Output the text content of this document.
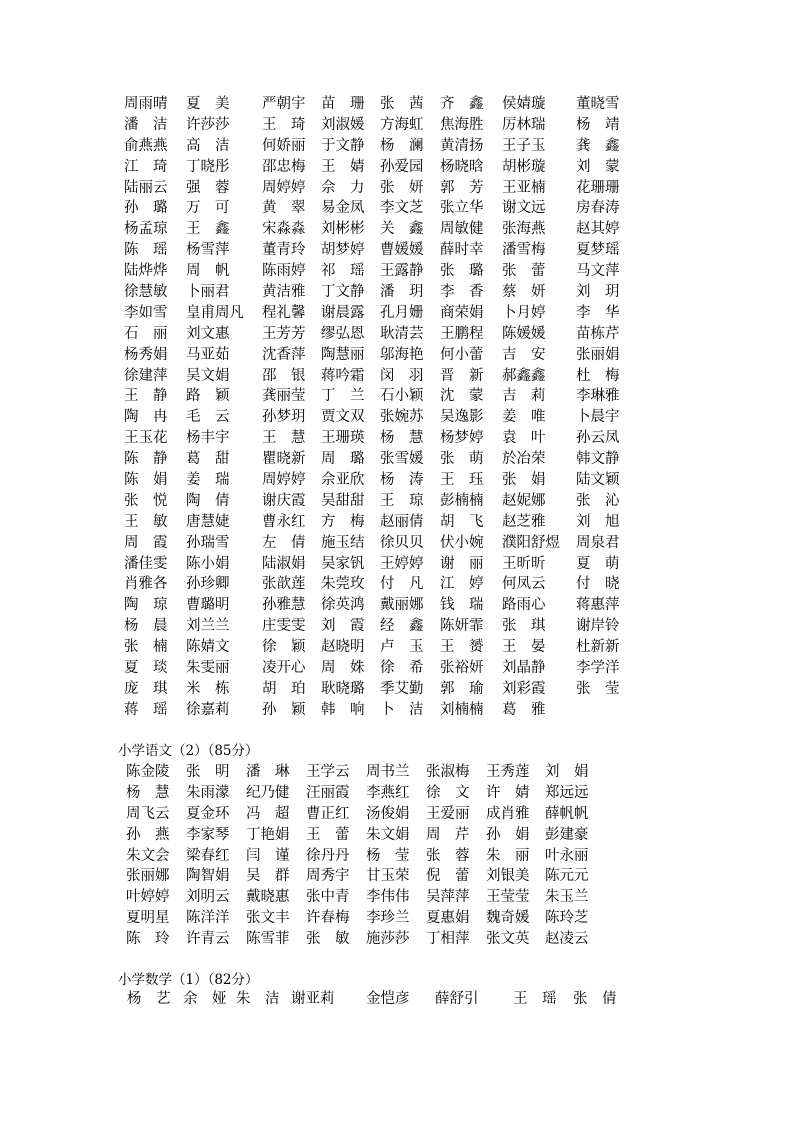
周雨晴	夏　美	严朝宇	苗　珊	张　茜	齐　鑫	侯婧璇	董晓雪
潘　洁	许莎莎	王　琦	刘淑媛	方海虹	焦海胜	厉林瑞	杨　靖
俞燕燕	高　洁	何娇丽	于文静	杨　澜	黄清扬	王子玉	龚　鑫
江　琦	丁晓彤	邵忠梅	王　婧	孙爱园	杨晓晗	胡彬璇	刘　蒙
陆丽云	强　蓉	周婷婷	佘　力	张　妍	郭　芳	王亚楠	花珊珊
孙　璐	万　可	黄　翠	易金凤	李文芝	张立华	谢文远	房春涛
杨孟琼	王　鑫	宋淼淼	刘彬彬	关　鑫	周敏健	张海燕	赵其婷
陈　瑶	杨雪萍	董青玲	胡梦婷	曹媛媛	薛时幸	潘雪梅	夏梦瑶
陆烨烨	周　帆	陈雨婷	祁　瑶	王露静	张　璐	张　蕾	马文萍
徐慧敏	卜丽君	黄洁雅	丁文静	潘　玥	李　香	蔡　妍	刘　玥
李如雪	皇甫周凡 程礼馨	谢晨露	孔月姗	商荣娟	卜月婷	李　华
石　丽	刘文惠	王芳芳	缪弘恩	耿清芸	王鹏程	陈媛媛	苗栋芹
杨秀娟	马亚茹	沈香萍	陶慧丽	邬海艳	何小蕾	吉　安	张丽娟
徐建萍	吴文娟	邵　银	蒋吟霜	闵　羽	晋　新	郝鑫鑫	杜　梅
王　静	路　颖	龚丽莹	丁　兰	石小颖	沈　蒙	吉　莉	李琳雅
陶　冉	毛　云	孙梦玥	贾文双	张婉苏	吴逸影	姜　唯	卜晨宇
王玉花	杨丰宇	王　慧	王珊瑛	杨　慧	杨梦婷	袁　叶	孙云凤
陈　静	葛　甜	瞿晓新	周　璐	张雪媛	张　萌	於冶荣	韩文静
陈　娟	姜　瑞	周婷婷	佘亚欣	杨　涛	王　珏	张　娟	陆文颖
张　悦	陶　倩	谢庆霞	吴甜甜	王　琼	彭楠楠	赵妮娜	张　沁
王　敏	唐慧婕	曹永红	方　梅	赵丽倩	胡　飞	赵芝雅	刘　旭
周　霞	孙瑞雪	左　倩	施玉结	徐贝贝	伏小婉	濮阳舒煜 周泉君
潘佳雯	陈小娟	陆淑娟	吴家钒	王婷婷	谢　丽	王昕昕	夏　萌
肖雅各	孙珍卿	张歆莲	朱莞玫	付　凡	江　婷	何凤云	付　晓
陶　琼	曹璐明	孙雅慧	徐英鸿	戴丽娜	钱　瑞	路雨心	蒋惠萍
杨　晨	刘兰兰	庄雯雯	刘　霞	经　鑫	陈妍霏	张　琪	谢岸铃
张　楠	陈婧文	徐　颖	赵晓明	卢　玉	王　赟	王　晏	杜新新
夏　琰	朱雯丽	凌开心	周　姝	徐　希	张裕妍	刘晶静	李学洋
庞　琪	米　栋	胡　珀	耿晓璐	季艾勤	郭　瑜	刘彩霞	张　莹
蒋　瑶	徐嘉莉	孙　颖	韩　响	卜　洁	刘楠楠	葛　雅
小学语文（2）（85分）
陈金陵	张　明	潘　琳	王学云	周书兰	张淑梅	王秀莲	刘　娟
杨　慧	朱雨濛	纪乃健	汪丽霞	李燕红	徐　文	许　婧	郑远远
周飞云	夏金环	冯　超	曹正红	汤俊娟	王爱丽	成肖雅	薛帆帆
孙　燕	李家琴	丁艳娟	王　蕾	朱文娟	周　芹	孙　娟	彭建豪
朱文会	梁春红	闫　谨	徐丹丹	杨　莹	张　蓉	朱　丽	叶永丽
张丽娜	陶智娟	吴　群	周秀宇	甘玉荣	倪　蕾	刘银美	陈元元
叶婷婷	刘明云	戴晓惠	张中青	李伟伟	吴萍萍	王莹莹	朱玉兰
夏明星	陈洋洋	张文丰	许春梅	李珍兰	夏惠娟	魏奇媛	陈玲芝
陈　玲	许青云	陈雪菲	张　敏	施莎莎	丁相萍	张文英	赵凌云
小学数学（1）（82分）
杨　艺 余　娅 朱　洁 谢亚莉	金恺彦	薛舒引	王　瑶 张　倩
